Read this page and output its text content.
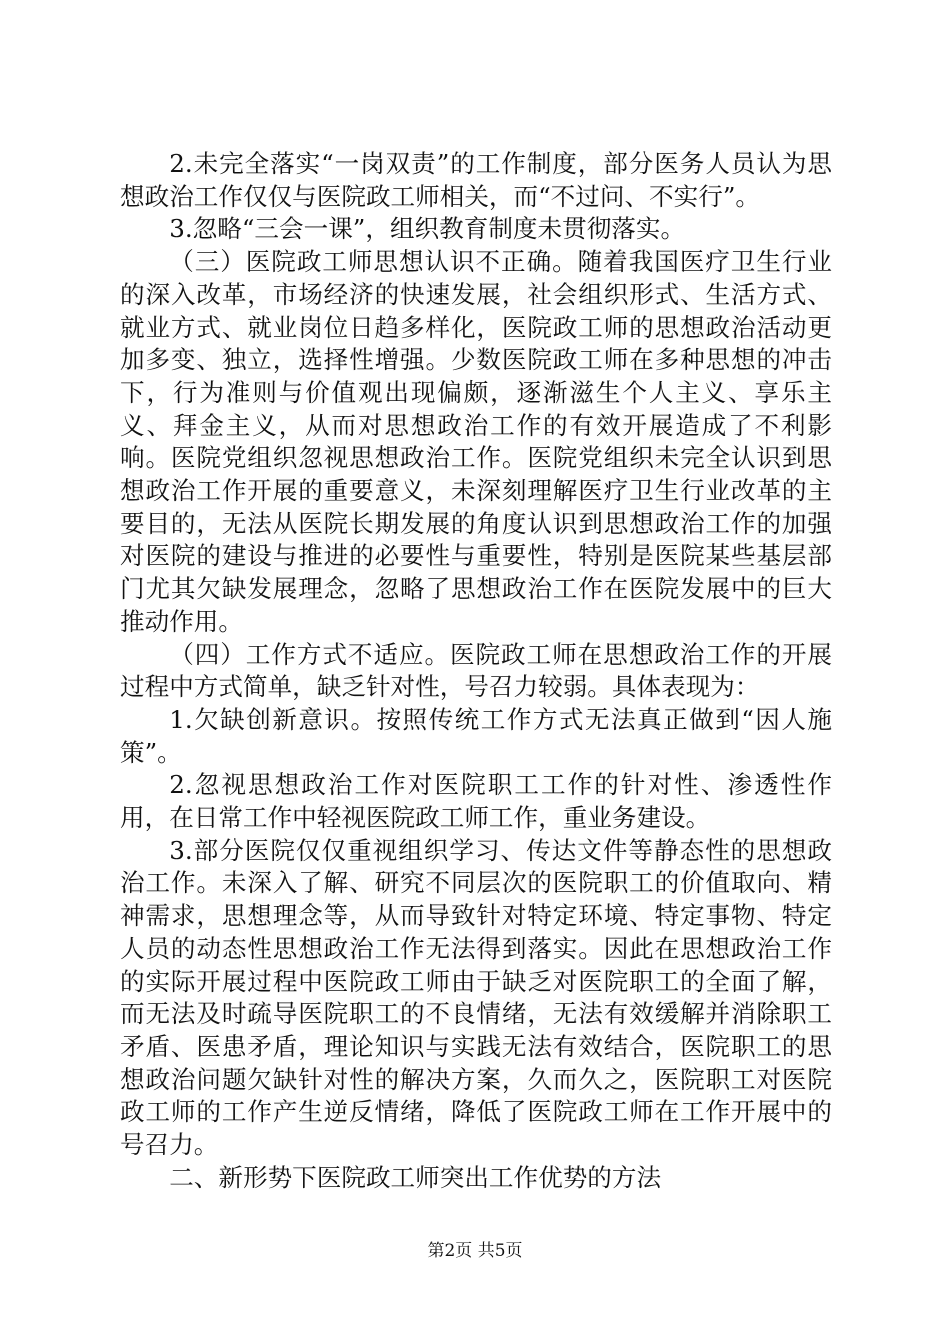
2.未完全落实“一岗双责”的工作制度，部分医务人员认为思想政治工作仅仅与医院政工师相关，而“不过问、不实行”。

3.忽略“三会一课”，组织教育制度未贯彻落实。

（三）医院政工师思想认识不正确。随着我国医疗卫生行业的深入改革，市场经济的快速发展，社会组织形式、生活方式、就业方式、就业岗位日趋多样化，医院政工师的思想政治活动更加多变、独立，选择性增强。少数医院政工师在多种思想的冲击下，行为准则与价值观出现偏颇，逐渐滋生个人主义、享乐主义、拜金主义，从而对思想政治工作的有效开展造成了不利影响。医院党组织忽视思想政治工作。医院党组织未完全认识到思想政治工作开展的重要意义，未深刻理解医疗卫生行业改革的主要目的，无法从医院长期发展的角度认识到思想政治工作的加强对医院的建设与推进的必要性与重要性，特别是医院某些基层部门尤其欠缺发展理念，忽略了思想政治工作在医院发展中的巨大推动作用。

（四）工作方式不适应。医院政工师在思想政治工作的开展过程中方式简单，缺乏针对性，号召力较弱。具体表现为：

1.欠缺创新意识。按照传统工作方式无法真正做到“因人施策”。

2.忽视思想政治工作对医院职工工作的针对性、渗透性作用，在日常工作中轻视医院政工师工作，重业务建设。

3.部分医院仅仅重视组织学习、传达文件等静态性的思想政治工作。未深入了解、研究不同层次的医院职工的价值取向、精神需求，思想理念等，从而导致针对特定环境、特定事物、特定人员的动态性思想政治工作无法得到落实。因此在思想政治工作的实际开展过程中医院政工师由于缺乏对医院职工的全面了解，而无法及时疏导医院职工的不良情绪，无法有效缓解并消除职工矛盾、医患矛盾，理论知识与实践无法有效结合，医院职工的思想政治问题欠缺针对性的解决方案，久而久之，医院职工对医院政工师的工作产生逆反情绪，降低了医院政工师在工作开展中的号召力。

二、新形势下医院政工师突出工作优势的方法

第2页 共5页
